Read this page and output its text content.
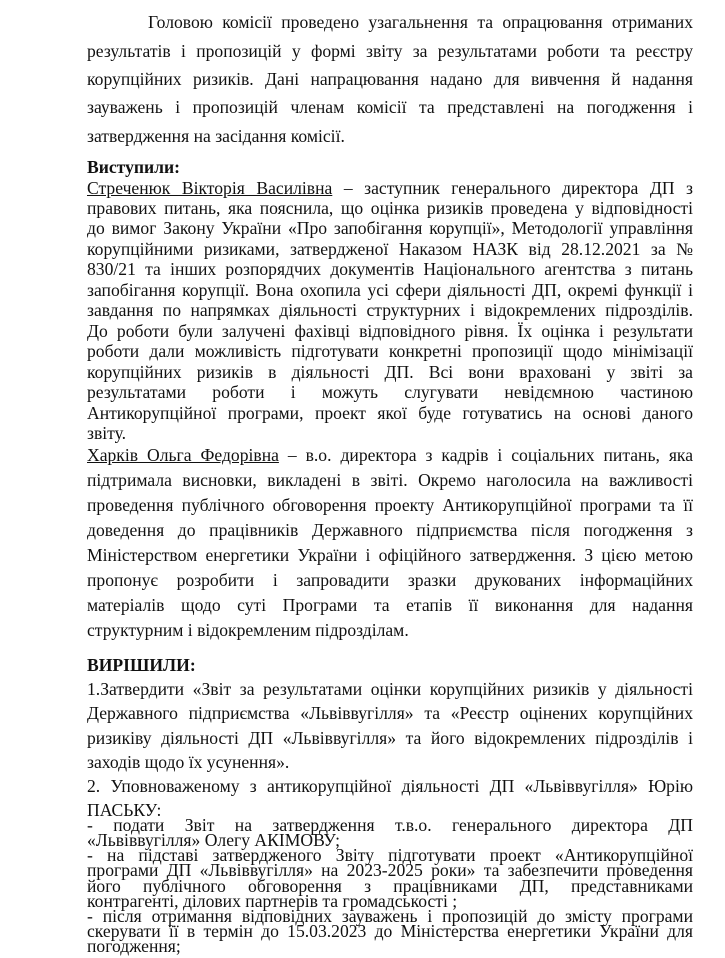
Головою комісії проведено узагальнення та опрацювання отриманих
результатів і пропозицій у формі звіту за результатами роботи та реєстру
корупційних ризиків. Дані напрацювання надано для вивчення й надання
зауважень і пропозицій членам комісії та представлені на погодження і
затвердження на засідання комісії.
Виступили:
Стреченюк Вікторія Василівна – заступник генерального директора ДП з
правових питань, яка пояснила, що оцінка ризиків проведена у відповідності
до вимог Закону України «Про запобігання корупції», Методології управління
корупційними ризиками, затвердженої Наказом НАЗК від 28.12.2021 за №
830/21 та інших розпорядчих документів Національного агентства з питань
запобігання корупції. Вона охопила усі сфери діяльності ДП, окремі функції і
завдання по напрямках діяльності структурних і відокремлених підрозділів.
До роботи були залучені фахівці відповідного рівня. Їх оцінка і результати
роботи дали можливість підготувати конкретні пропозиції щодо мінімізації
корупційних ризиків в діяльності ДП. Всі вони враховані у звіті за
результатами роботи і можуть слугувати невідємною частиною
Антикорупційної програми, проект якої буде готуватись на основі даного
звіту.
Харків Ольга Федорівна – в.о. директора з кадрів і соціальних питань, яка
підтримала висновки, викладені в звіті. Окремо наголосила на важливості
проведення публічного обговорення проекту Антикорупційної програми та її
доведення до працівників Державного підприємства після погодження з
Міністерством енергетики України і офіційного затвердження. З цією метою
пропонує розробити і запровадити зразки друкованих інформаційних
матеріалів щодо суті Програми та етапів її виконання для надання
структурним і відокремленим підрозділам.
ВИРІШИЛИ:
1.Затвердити «Звіт за результатами оцінки корупційних ризиків у діяльності
Державного підприємства «Львіввугілля» та «Реєстр оцінених корупційних
ризиківу діяльності ДП «Львіввугілля» та його відокремлених підрозділів і
заходів щодо їх усунення».
2. Уповноваженому з антикорупційної діяльності ДП «Львіввугілля» Юрію
ПАСЬКУ:
- подати Звіт на затвердження т.в.о. генерального директора ДП
«Львіввугілля» Олегу АКІМОВУ;
- на підставі затвердженого Звіту підготувати проект «Антикорупційної
програми ДП «Львіввугілля» на 2023-2025 роки» та забезпечити проведення
його публічного обговорення з працівниками ДП, представниками
контрагенті, ділових партнерів та громадськості ;
- після отримання відповідних зауважень і пропозицій до змісту програми
скерувати її в термін до 15.03.2023 до Міністерства енергетики України для
погодження;
